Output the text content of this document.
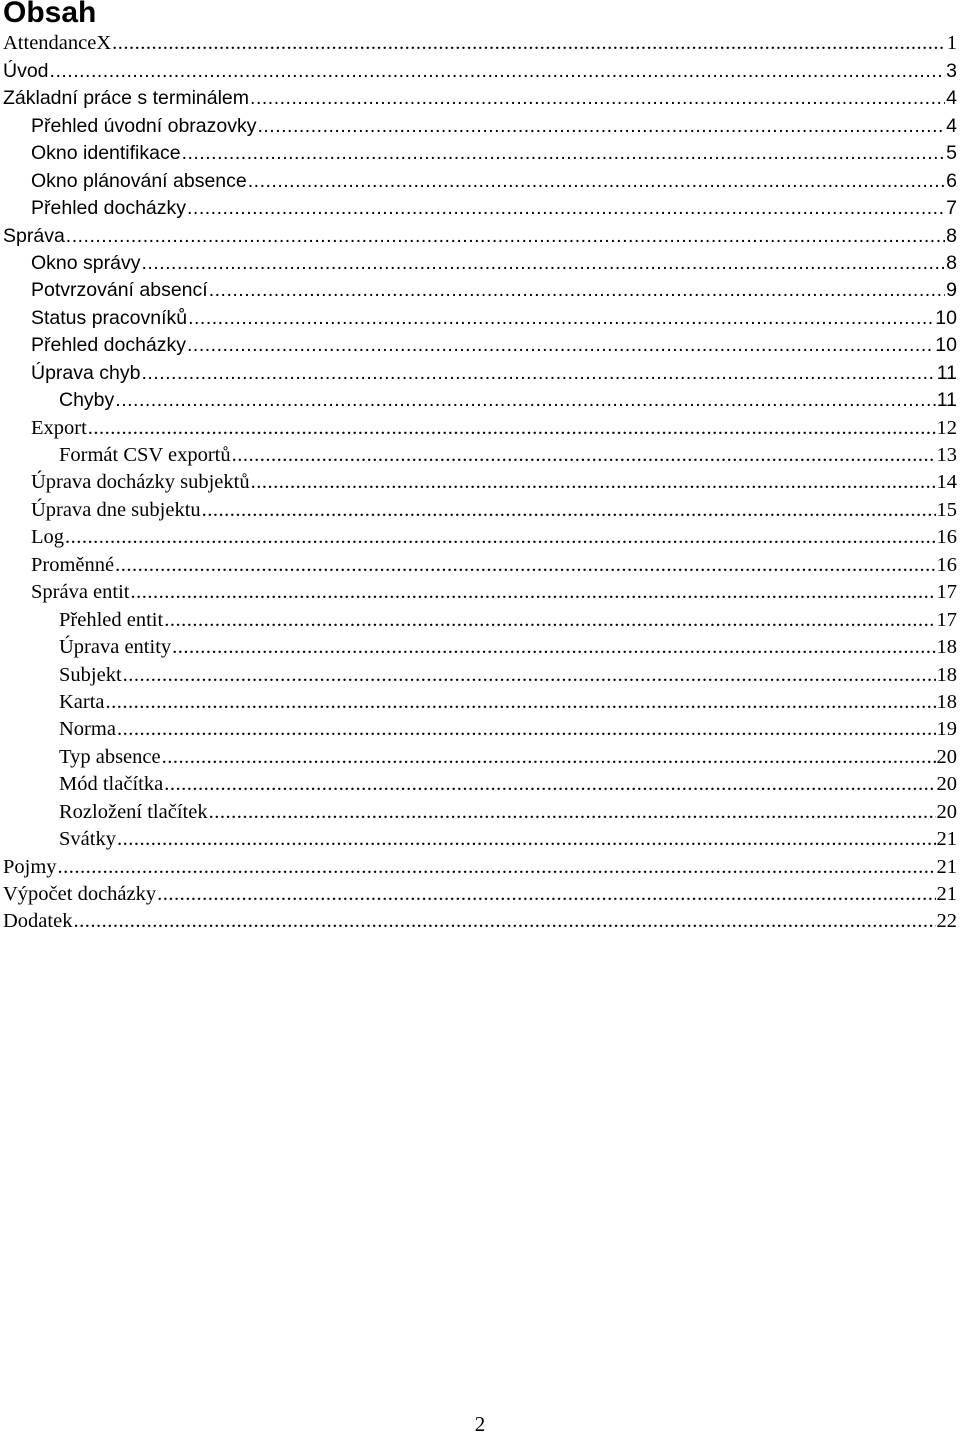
Obsah
AttendanceX .....	1
Úvod .....	3
Základní práce s terminálem .....	4
Přehled úvodní obrazovky .....	4
Okno identifikace .....	5
Okno plánování absence .....	6
Přehled docházky .....	7
Správa .....	8
Okno správy .....	8
Potvrzování absencí .....	9
Status pracovníků .....	10
Přehled docházky .....	10
Úprava chyb .....	11
Chyby .....	11
Export .....	12
Formát CSV exportů .....	13
Úprava docházky subjektů .....	14
Úprava dne subjektu .....	15
Log .....	16
Proměnné .....	16
Správa entit .....	17
Přehled entit .....	17
Úprava entity .....	18
Subjekt .....	18
Karta .....	18
Norma .....	19
Typ absence .....	20
Mód tlačítka .....	20
Rozložení tlačítek .....	20
Svátky .....	21
Pojmy .....	21
Výpočet docházky .....	21
Dodatek .....	22
2
